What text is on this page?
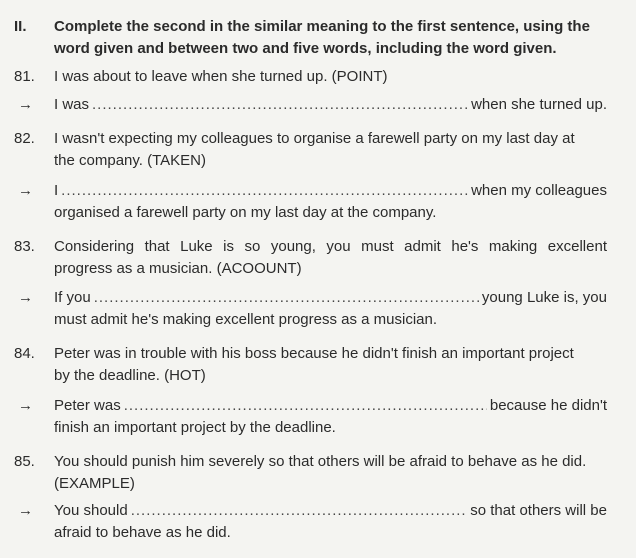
II.	Complete the second in the similar meaning to the first sentence, using the
word given and between two and five words, including the word given.
81.	I was about to leave when she turned up. (POINT)
→	I was .....	when she turned up.
82.	I wasn't expecting my colleagues to organise a farewell party on my last day at
the company. (TAKEN)
→	I .....	when my colleagues
organised a farewell party on my last day at the company.
83.	Considering that Luke is so young, you must admit he's making excellent
progress as a musician. (ACOOUNT)
→	If you .....	young Luke is, you
must admit he's making excellent progress as a musician.
84.	Peter was in trouble with his boss because he didn't finish an important project
by the deadline. (HOT)
→	Peter was .....	because he didn't
finish an important project by the deadline.
85.	You should punish him severely so that others will be afraid to behave as he did.
(EXAMPLE)
→	You should .....	so that others will be
afraid to behave as he did.
